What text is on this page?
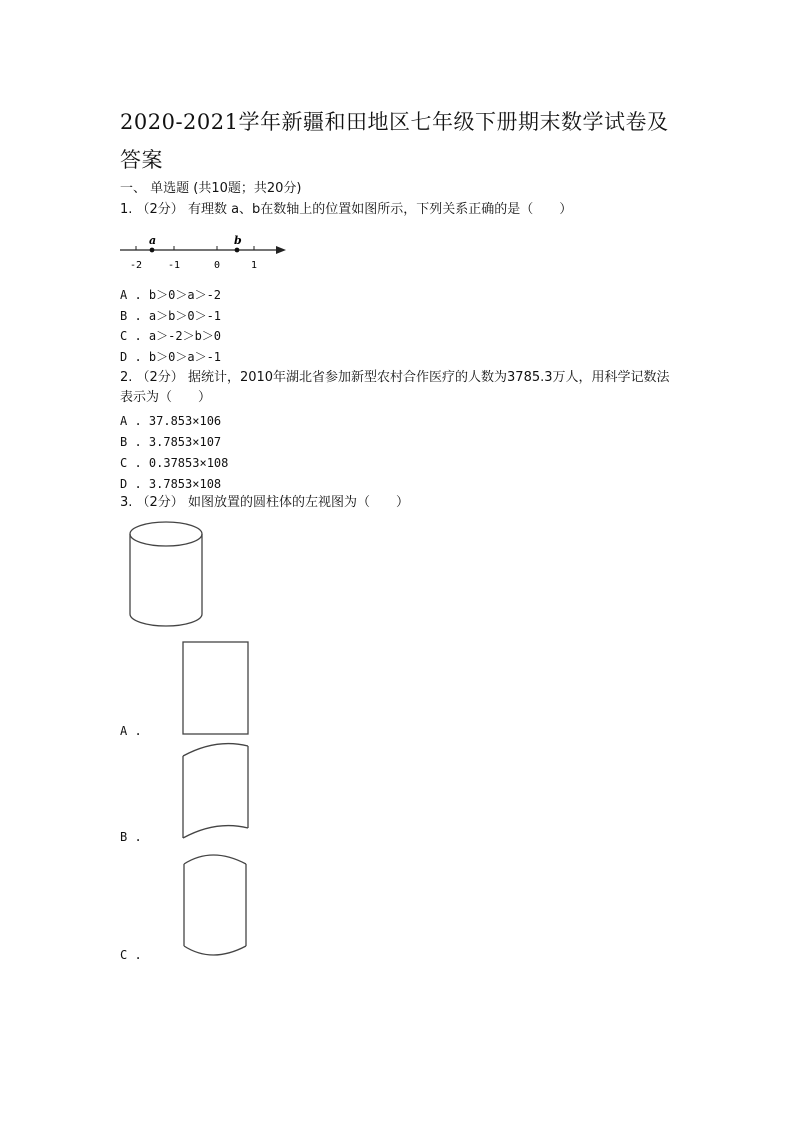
2020-2021学年新疆和田地区七年级下册期末数学试卷及答案

一、 单选题 (共10题；共20分)

1. （2分） 有理数 a、b在数轴上的位置如图所示，下列关系正确的是（　　）

a	b
-2	-1	0	1

A . b＞0＞a＞-2

B . a＞b＞0＞-1

C . a＞-2＞b＞0

D . b＞0＞a＞-1

2. （2分） 据统计，2010年湖北省参加新型农村合作医疗的人数为3785.3万人，用科学记数法表示为（　　）

A . 37.853×106

B . 3.7853×107

C . 0.37853×108

D . 3.7853×108

3. （2分） 如图放置的圆柱体的左视图为（　　）

A .

B .

C .
